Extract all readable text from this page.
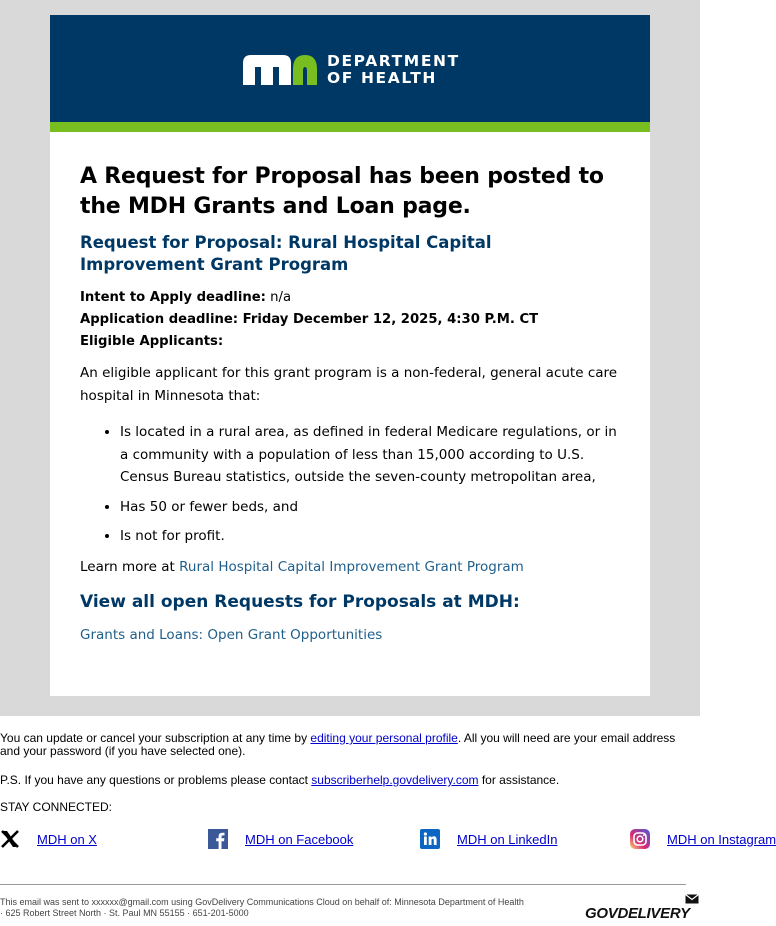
DEPARTMENT
OF HEALTH
A Request for Proposal has been posted to the MDH Grants and Loan page.
Request for Proposal: Rural Hospital Capital Improvement Grant Program
Intent to Apply deadline: n/a
Application deadline: Friday December 12, 2025, 4:30 P.M. CT
Eligible Applicants:

An eligible applicant for this grant program is a non-federal, general acute care hospital in Minnesota that:

• Is located in a rural area, as defined in federal Medicare regulations, or in a community with a population of less than 15,000 according to U.S. Census Bureau statistics, outside the seven-county metropolitan area,
• Has 50 or fewer beds, and
• Is not for profit.

Learn more at Rural Hospital Capital Improvement Grant Program

View all open Requests for Proposals at MDH:

Grants and Loans: Open Grant Opportunities

You can update or cancel your subscription at any time by editing your personal profile. All you will need are your email address and your password (if you have selected one).
P.S. If you have any questions or problems please contact subscriberhelp.govdelivery.com for assistance.
STAY CONNECTED:
MDH on X	MDH on Facebook	MDH on LinkedIn	MDH on Instagram
This email was sent to xxxxxx@gmail.com using GovDelivery Communications Cloud on behalf of: Minnesota Department of Health
· 625 Robert Street North · St. Paul MN 55155 · 651-201-5000	GOVDELIVERY
